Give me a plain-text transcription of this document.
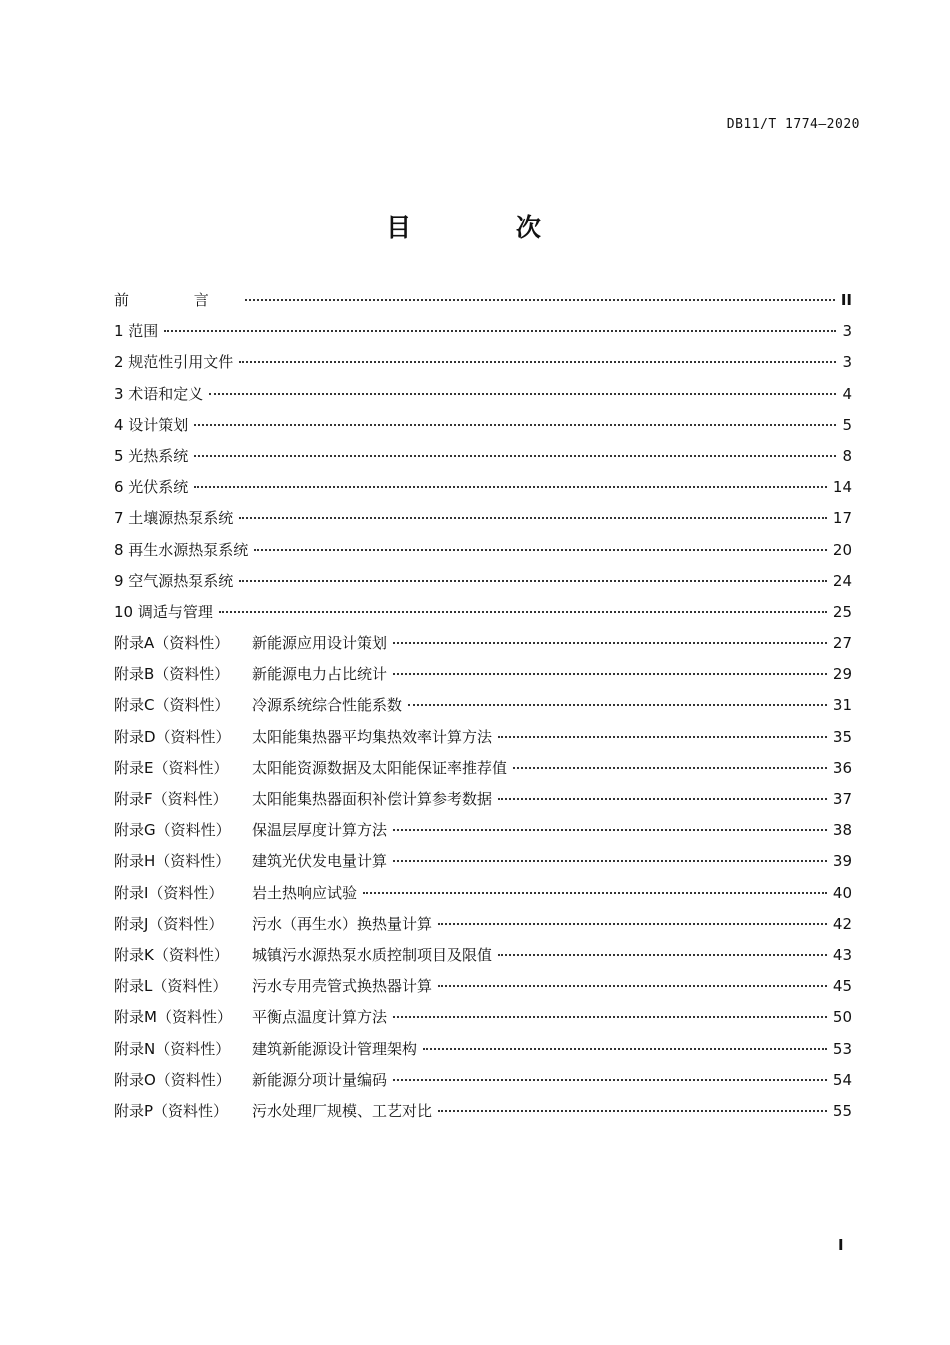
DB11/T 1774—2020
目 次
前 言	II
1 范围	3
2 规范性引用文件	3
3 术语和定义	4
4 设计策划	5
5 光热系统	8
6 光伏系统	14
7 土壤源热泵系统	17
8 再生水源热泵系统	20
9 空气源热泵系统	24
10 调适与管理	25
附录A（资料性） 新能源应用设计策划	27
附录B（资料性） 新能源电力占比统计	29
附录C（资料性） 冷源系统综合性能系数	31
附录D（资料性） 太阳能集热器平均集热效率计算方法	35
附录E（资料性） 太阳能资源数据及太阳能保证率推荐值	36
附录F（资料性） 太阳能集热器面积补偿计算参考数据	37
附录G（资料性） 保温层厚度计算方法	38
附录H（资料性） 建筑光伏发电量计算	39
附录I（资料性） 岩土热响应试验	40
附录J（资料性） 污水（再生水）换热量计算	42
附录K（资料性） 城镇污水源热泵水质控制项目及限值	43
附录L（资料性） 污水专用壳管式换热器计算	45
附录M（资料性） 平衡点温度计算方法	50
附录N（资料性） 建筑新能源设计管理架构	53
附录O（资料性） 新能源分项计量编码	54
附录P（资料性） 污水处理厂规模、工艺对比	55
I
